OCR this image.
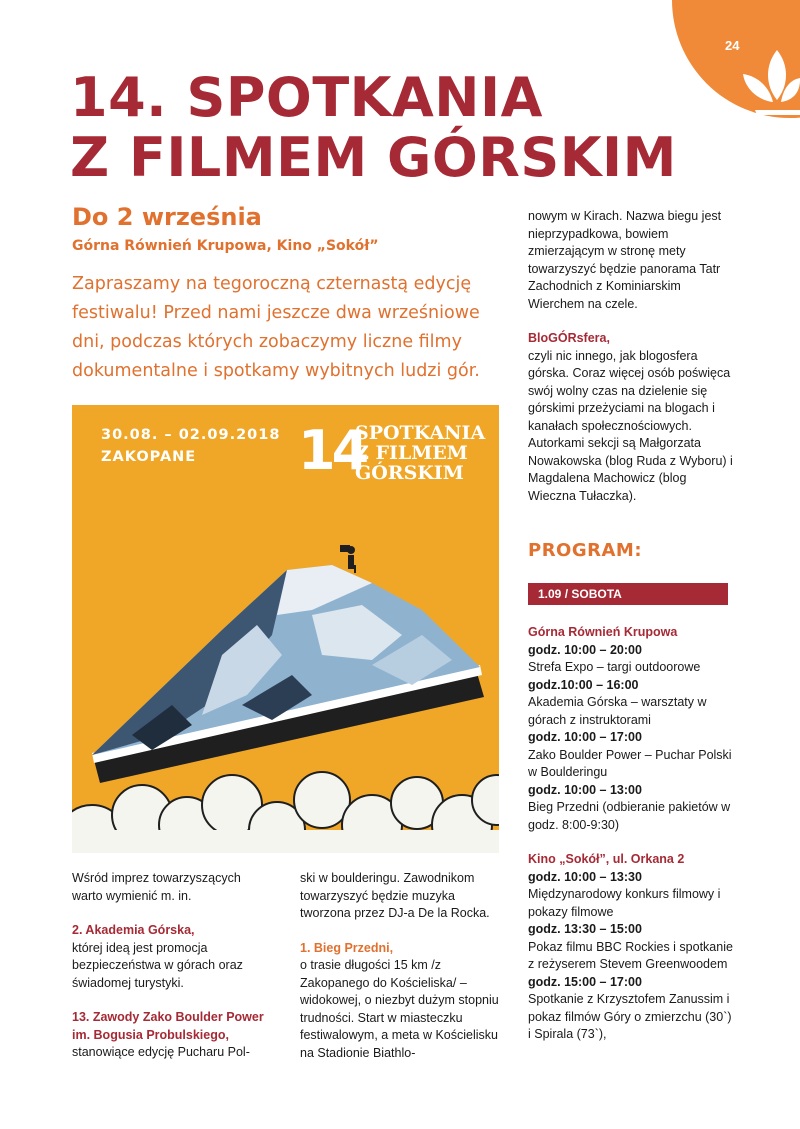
24
14. SPOTKANIA
Z FILMEM GÓRSKIM
Do 2 września
Górna Równień Krupowa, Kino „Sokół”
Zapraszamy na tegoroczną czternastą edycję festiwalu! Przed nami jeszcze dwa wrześniowe dni, podczas których zobaczymy liczne filmy dokumentalne i spotkamy wybitnych ludzi gór.
30.08. – 02.09.2018
ZAKOPANE 14
SPOTKANIA
Z FILMEM
GÓRSKIM

Wśród imprez towarzyszących warto wymienić m. in.

2. Akademia Górska,

której ideą jest promocja bezpieczeństwa w górach oraz świadomej turystyki.

13. Zawody Zako Boulder Power im. Bogusia Probulskiego,

stanowiące edycję Pucharu Pol-

ski w boulderingu. Zawodnikom towarzyszyć będzie muzyka tworzona przez DJ-a De la Rocka.

1. Bieg Przedni,

o trasie długości 15 km /z Zakopanego do Kościeliska/ – widokowej, o niezbyt dużym stopniu trudności. Start w miasteczku festiwalowym, a meta w Kościelisku na Stadionie Biathlo-

nowym w Kirach. Nazwa biegu jest nieprzypadkowa, bowiem zmierzającym w stronę mety towarzyszyć będzie panorama Tatr Zachodnich z Kominiarskim Wierchem na czele.

BloGÓRsfera,

czyli nic innego, jak blogosfera górska. Coraz więcej osób poświęca swój wolny czas na dzielenie się górskimi przeżyciami na blogach i kanałach społecznościowych. Autorkami sekcji są Małgorzata Nowakowska (blog Ruda z Wyboru) i Magdalena Machowicz (blog Wieczna Tułaczka).

PROGRAM:
1.09 / SOBOTA

Górna Równień Krupowa

godz. 10:00 – 20:00

Strefa Expo – targi outdoorowe

godz.10:00 – 16:00

Akademia Górska – warsztaty w górach z instruktorami

godz. 10:00 – 17:00

Zako Boulder Power – Puchar Polski w Boulderingu

godz. 10:00 – 13:00

Bieg Przedni (odbieranie pakietów w godz. 8:00-9:30)

Kino „Sokół”, ul. Orkana 2

godz. 10:00 – 13:30

Międzynarodowy konkurs filmowy i pokazy filmowe

godz. 13:30 – 15:00

Pokaz filmu BBC Rockies i spotkanie z reżyserem Stevem Greenwoodem

godz. 15:00 – 17:00

Spotkanie z Krzysztofem Zanussim i pokaz filmów Góry o zmierzchu (30`) i Spirala (73`),
